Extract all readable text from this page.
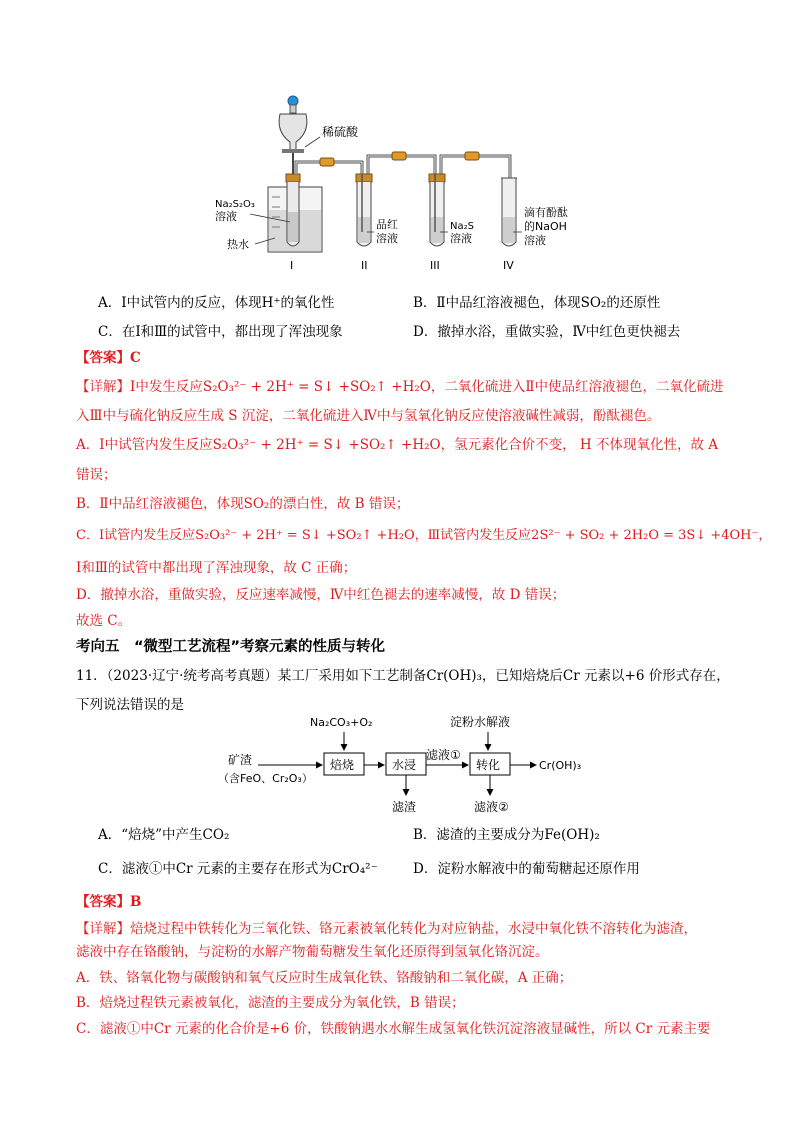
稀硫酸
Na₂S₂O₃
溶液
热水
品红
溶液
Na₂S
溶液
滴有酚酞
的NaOH
溶液
I	II	III	IV
A．Ⅰ中试管内的反应，体现H⁺的氧化性	B．Ⅱ中品红溶液褪色，体现SO₂的还原性
C．在Ⅰ和Ⅲ的试管中，都出现了浑浊现象	D．撤掉水浴，重做实验，Ⅳ中红色更快褪去
【答案】C
【详解】Ⅰ中发生反应S₂O₃²⁻ + 2H⁺ = S↓ +SO₂↑ +H₂O，二氧化硫进入Ⅱ中使品红溶液褪色，二氧化硫进
入Ⅲ中与硫化钠反应生成 S 沉淀，二氧化硫进入Ⅳ中与氢氧化钠反应使溶液碱性减弱，酚酞褪色。
A．Ⅰ中试管内发生反应S₂O₃²⁻ + 2H⁺ = S↓ +SO₂↑ +H₂O，氢元素化合价不变， H 不体现氧化性，故 A
错误；
B．Ⅱ中品红溶液褪色，体现SO₂的漂白性，故 B 错误；
C．Ⅰ试管内发生反应S₂O₃²⁻ + 2H⁺ = S↓ +SO₂↑ +H₂O，Ⅲ试管内发生反应2S²⁻ + SO₂ + 2H₂O = 3S↓ +4OH⁻，
Ⅰ和Ⅲ的试管中都出现了浑浊现象，故 C 正确；
D．撤掉水浴，重做实验，反应速率减慢，Ⅳ中红色褪去的速率减慢，故 D 错误；
故选 C。
考向五　“微型工艺流程”考察元素的性质与转化
11．（2023·辽宁·统考高考真题）某工厂采用如下工艺制备Cr(OH)₃，已知焙烧后Cr 元素以+6 价形式存在，
下列说法错误的是
Na₂CO₃+O₂	淀粉水解液
矿渣
（含FeO、Cr₂O₃）
焙烧	水浸
滤渣
滤液①
转化	Cr(OH)₃
滤液②
A．“焙烧”中产生CO₂	B．滤渣的主要成分为Fe(OH)₂
C．滤液①中Cr 元素的主要存在形式为CrO₄²⁻	D．淀粉水解液中的葡萄糖起还原作用
【答案】B
【详解】焙烧过程中铁转化为三氧化铁、铬元素被氧化转化为对应钠盐，水浸中氧化铁不溶转化为滤渣，
滤液中存在铬酸钠，与淀粉的水解产物葡萄糖发生氧化还原得到氢氧化铬沉淀。
A．铁、铬氧化物与碳酸钠和氧气反应时生成氧化铁、铬酸钠和二氧化碳，A 正确；
B．焙烧过程铁元素被氧化，滤渣的主要成分为氧化铁，B 错误；
C．滤液①中Cr 元素的化合价是+6 价，铁酸钠遇水水解生成氢氧化铁沉淀溶液显碱性，所以 Cr 元素主要
